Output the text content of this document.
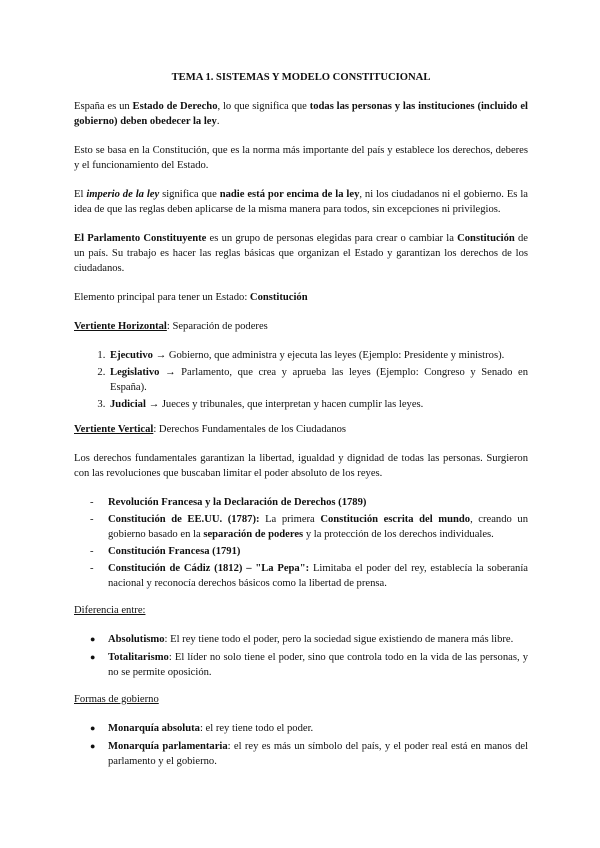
TEMA 1. SISTEMAS Y MODELO CONSTITUCIONAL

España es un Estado de Derecho, lo que significa que todas las personas y las instituciones (incluido el gobierno) deben obedecer la ley.

Esto se basa en la Constitución, que es la norma más importante del país y establece los derechos, deberes y el funcionamiento del Estado.

El imperio de la ley significa que nadie está por encima de la ley, ni los ciudadanos ni el gobierno. Es la idea de que las reglas deben aplicarse de la misma manera para todos, sin excepciones ni privilegios.

El Parlamento Constituyente es un grupo de personas elegidas para crear o cambiar la Constitución de un país. Su trabajo es hacer las reglas básicas que organizan el Estado y garantizan los derechos de los ciudadanos.

Elemento principal para tener un Estado: Constitución

Vertiente Horizontal: Separación de poderes
1. Ejecutivo → Gobierno, que administra y ejecuta las leyes (Ejemplo: Presidente y ministros).
2. Legislativo → Parlamento, que crea y aprueba las leyes (Ejemplo: Congreso y Senado en España).
3. Judicial → Jueces y tribunales, que interpretan y hacen cumplir las leyes.
Vertiente Vertical: Derechos Fundamentales de los Ciudadanos

Los derechos fundamentales garantizan la libertad, igualdad y dignidad de todas las personas. Surgieron con las revoluciones que buscaban limitar el poder absoluto de los reyes.

- Revolución Francesa y la Declaración de Derechos (1789)
- Constitución de EE.UU. (1787): La primera Constitución escrita del mundo, creando un gobierno basado en la separación de poderes y la protección de los derechos individuales.
- Constitución Francesa (1791)
- Constitución de Cádiz (1812) – "La Pepa": Limitaba el poder del rey, establecía la soberanía nacional y reconocía derechos básicos como la libertad de prensa.
Diferencia entre:
● Absolutismo: El rey tiene todo el poder, pero la sociedad sigue existiendo de manera más libre.
● Totalitarismo: El líder no solo tiene el poder, sino que controla todo en la vida de las personas, y no se permite oposición.
Formas de gobierno
● Monarquía absoluta: el rey tiene todo el poder.
● Monarquía parlamentaria: el rey es más un símbolo del país, y el poder real está en manos del parlamento y el gobierno.
